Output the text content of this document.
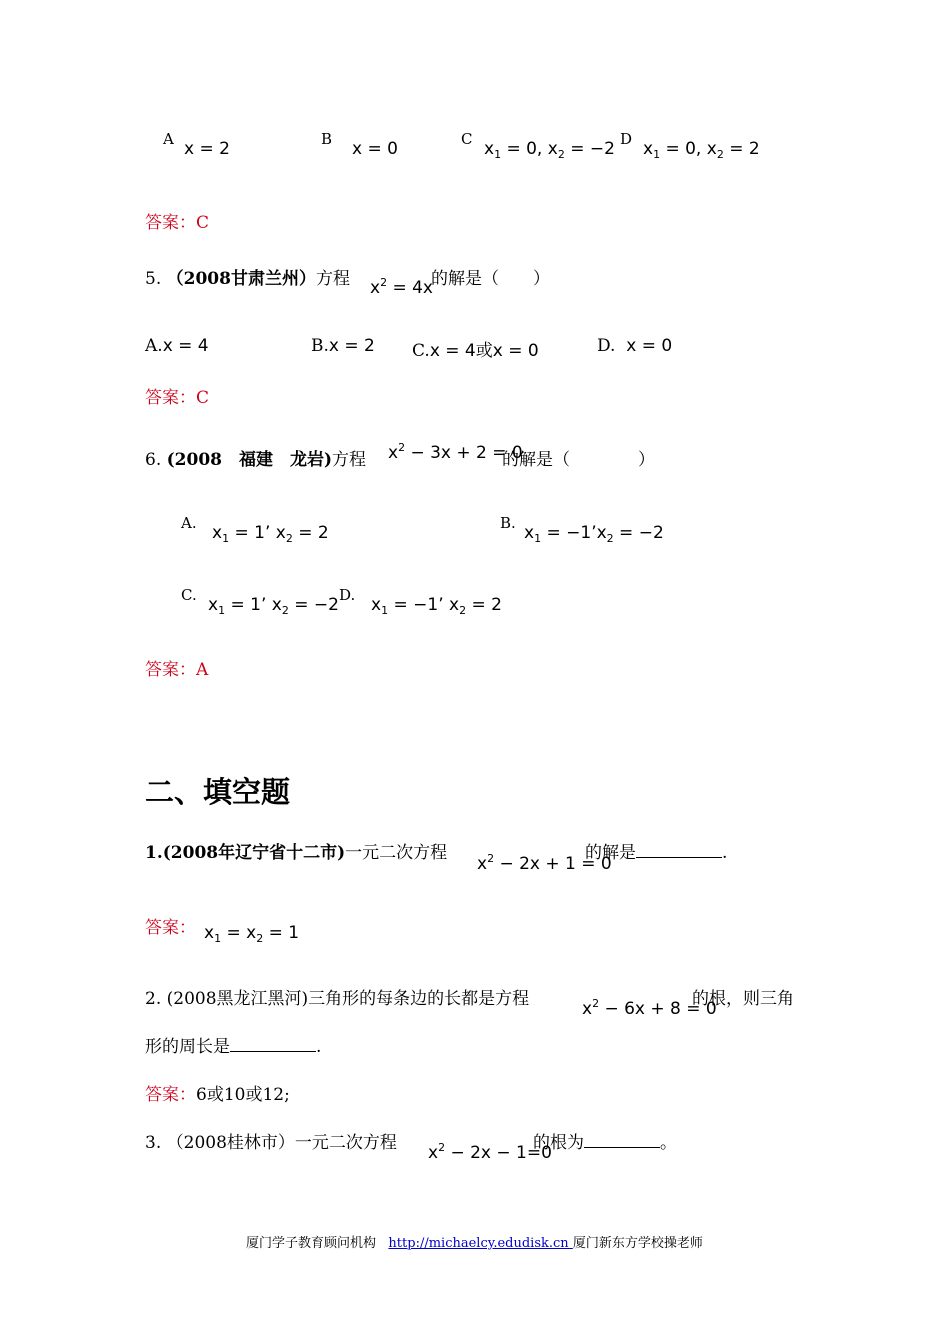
A x = 2	B x = 0	C $x_1 = 0$, $x_2 = -2$ D $x_1 = 0$, $x_2 = 2$
答案：C
5. （2008甘肃兰州）方程 $x^2 = 4x$
的解是（　　）
A.x = 4	B.x = 2 C.x = 4或x = 0	D. x = 0
答案：C
6. (2008　福建　龙岩)方程 $x^2 - 3x + 2 = 0$
的解是（　　　　）
A. $x_1 = 1$’ $x_2 = 2$	B. $x_1$ = $-1’x_2 = -2$
C. $x_1 = 1$’ $x_2 = -2$ D. $x_1 = -1$’ $x_2 = 2$
答案：A
二、填空题
1.(2008年辽宁省十二市)一元二次方程
$x^2 - 2x + 1 = 0$
的解是	.
答案： $x_1 = x_2 = 1$
2. (2008黑龙江黑河)三角形的每条边的长都是方程	$x^2 - 6x + 8 = 0$
的根，则三角
形的周长是	.
答案：6或10或12;
3. （2008桂林市）一元二次方程 $x^2 - 2x - 1=0$
的根为	。
厦门学子教育顾问机构 http://michaelcy.edudisk.cn 厦门新东方学校操老师
